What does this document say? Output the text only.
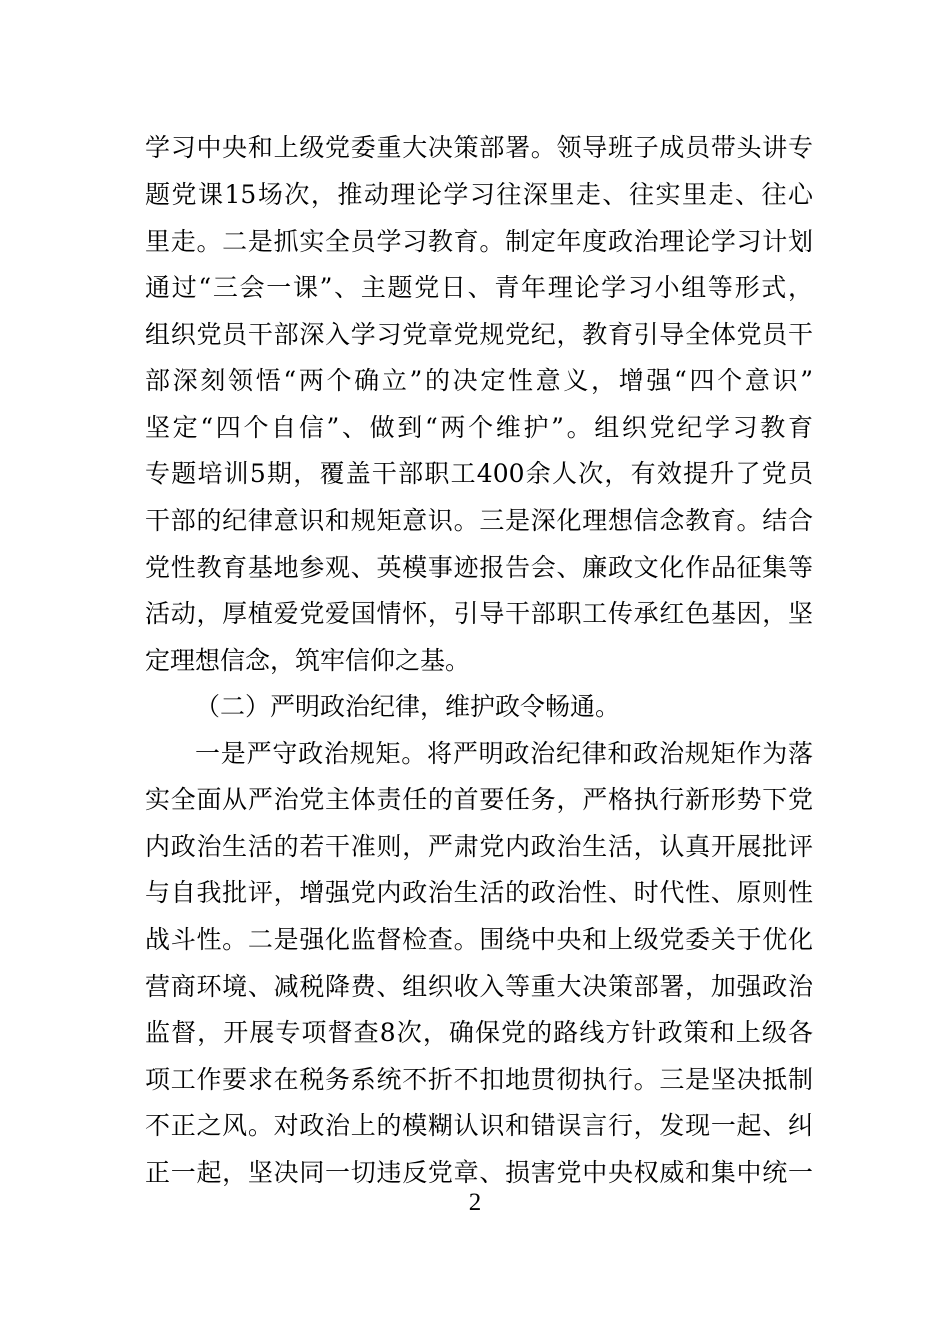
学习中央和上级党委重大决策部署。领导班子成员带头讲专
题党课15场次，推动理论学习往深里走、往实里走、往心
里走。二是抓实全员学习教育。制定年度政治理论学习计划
通过“三会一课”、主题党日、青年理论学习小组等形式，
组织党员干部深入学习党章党规党纪，教育引导全体党员干
部深刻领悟“两个确立”的决定性意义，增强“四个意识”
坚定“四个自信”、做到“两个维护”。组织党纪学习教育
专题培训5期，覆盖干部职工400余人次，有效提升了党员
干部的纪律意识和规矩意识。三是深化理想信念教育。结合
党性教育基地参观、英模事迹报告会、廉政文化作品征集等
活动，厚植爱党爱国情怀，引导干部职工传承红色基因，坚
定理想信念，筑牢信仰之基。
（二）严明政治纪律，维护政令畅通。
一是严守政治规矩。将严明政治纪律和政治规矩作为落
实全面从严治党主体责任的首要任务，严格执行新形势下党
内政治生活的若干准则，严肃党内政治生活，认真开展批评
与自我批评，增强党内政治生活的政治性、时代性、原则性
战斗性。二是强化监督检查。围绕中央和上级党委关于优化
营商环境、减税降费、组织收入等重大决策部署，加强政治
监督，开展专项督查8次，确保党的路线方针政策和上级各
项工作要求在税务系统不折不扣地贯彻执行。三是坚决抵制
不正之风。对政治上的模糊认识和错误言行，发现一起、纠
正一起，坚决同一切违反党章、损害党中央权威和集中统一
2
